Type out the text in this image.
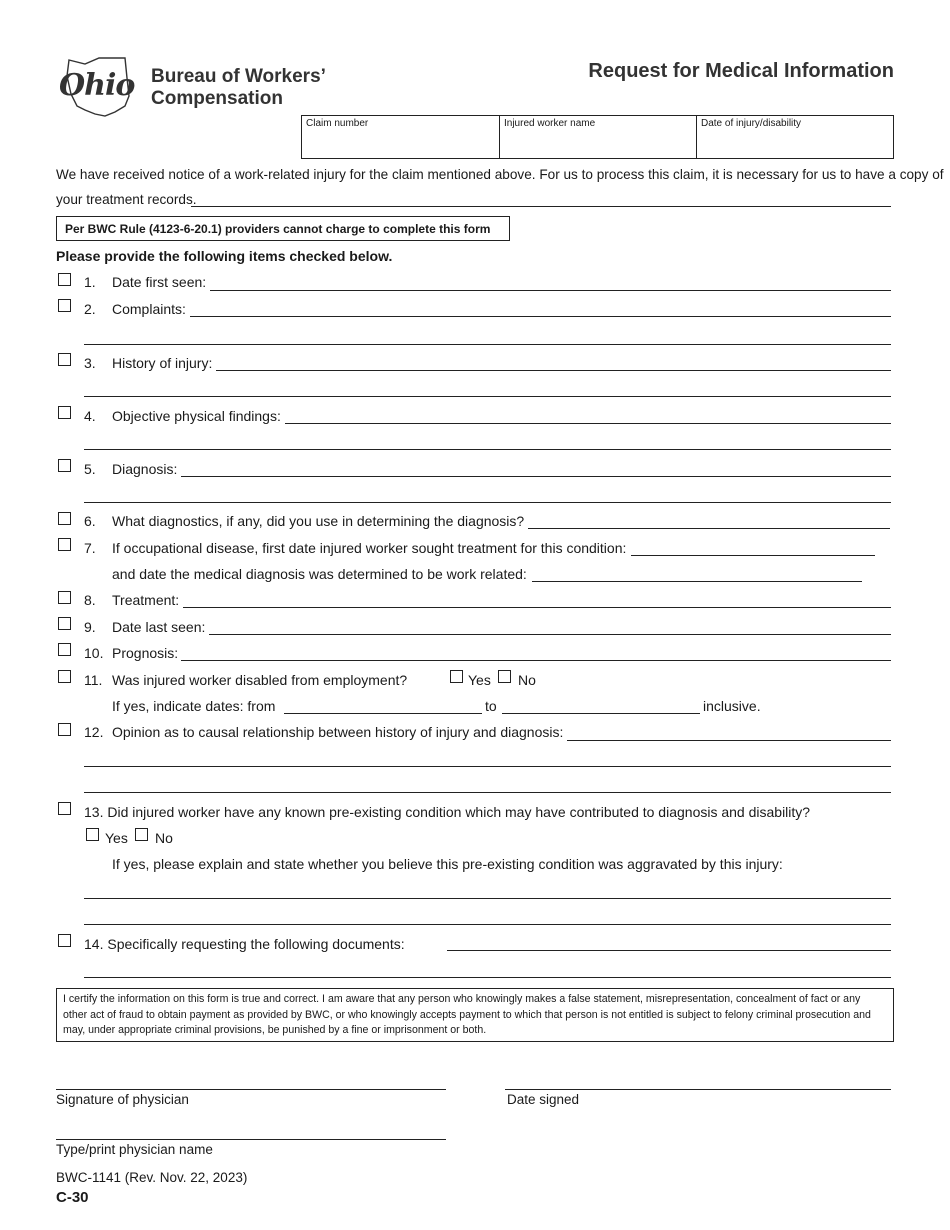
Ohio Bureau of Workers’
Compensation
Request for Medical Information
Claim number	Injured worker name	Date of injury/disability
We have received notice of a work-related injury for the claim mentioned above. For us to process this claim, it is necessary for us to have a copy of
your treatment records.
Per BWC Rule (4123-6-20.1) providers cannot charge to complete this form
Please provide the following items checked below.
1. Date first seen:
2. Complaints:
3. History of injury:
4. Objective physical findings:
5. Diagnosis:
6. What diagnostics, if any, did you use in determining the diagnosis?
7. If occupational disease, first date injured worker sought treatment for this condition:
and date the medical diagnosis was determined to be work related:
8. Treatment:
9. Date last seen:
10. Prognosis:
11. Was injured worker disabled from employment?	Yes No
If yes, indicate dates: from	to	inclusive.
12. Opinion as to causal relationship between history of injury and diagnosis:
13. Did injured worker have any known pre-existing condition which may have contributed to diagnosis and disability?
Yes No
If yes, please explain and state whether you believe this pre-existing condition was aggravated by this injury:
14. Specifically requesting the following documents:
I certify the information on this form is true and correct. I am aware that any person who knowingly makes a false statement, misrepresentation, concealment of fact or any other act of fraud to obtain payment as provided by BWC, or who knowingly accepts payment to which that person is not entitled is subject to felony criminal prosecution and may, under appropriate criminal provisions, be punished by a fine or imprisonment or both.
Signature of physician	Date signed
Type/print physician name
BWC-1141 (Rev. Nov. 22, 2023)
C-30
